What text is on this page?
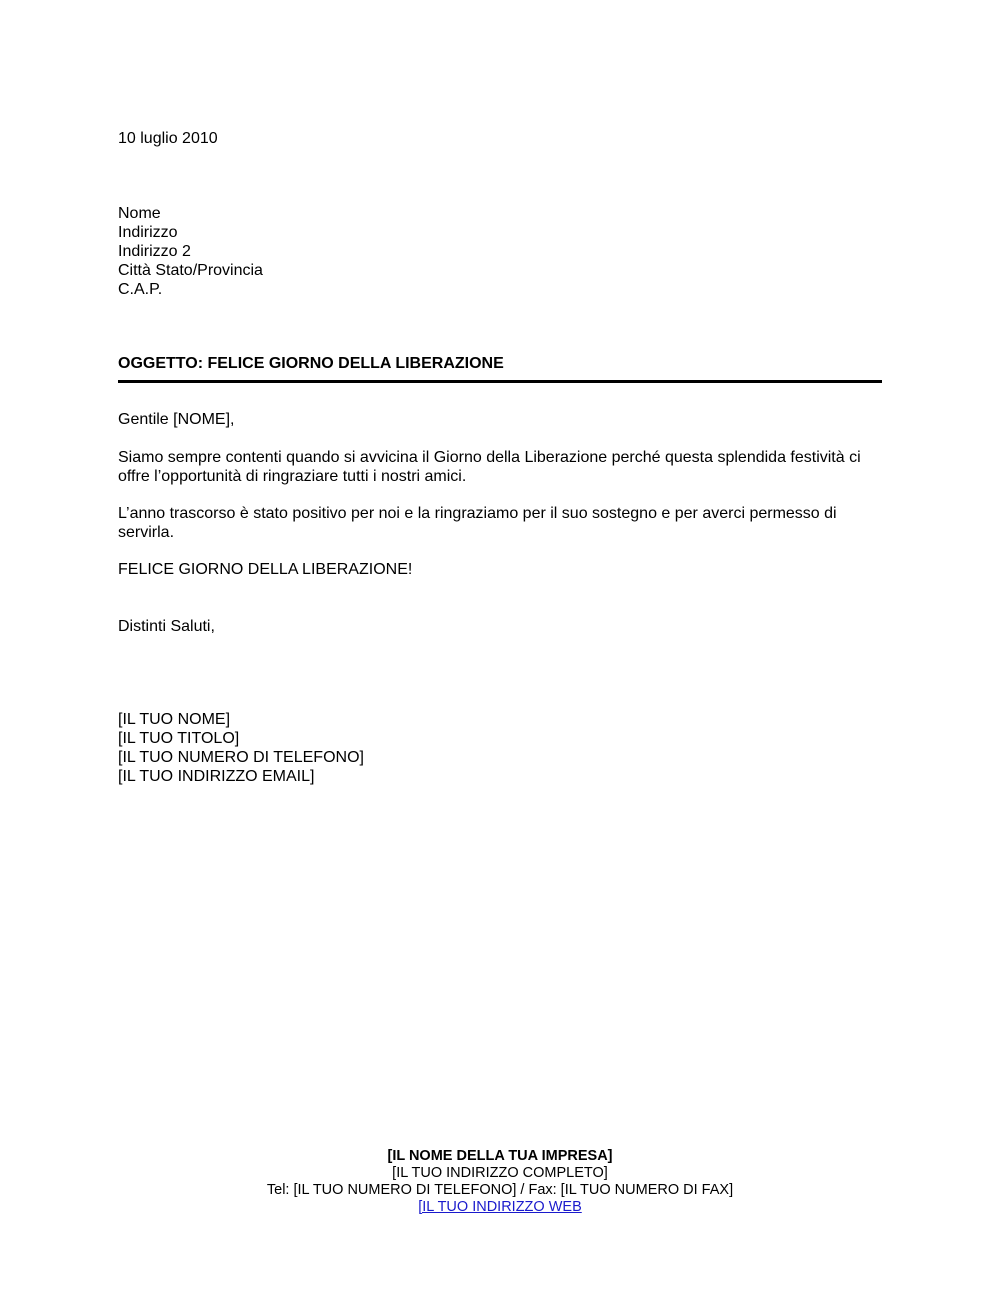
10 luglio 2010
Nome
Indirizzo
Indirizzo 2
Città Stato/Provincia
C.A.P.
OGGETTO: FELICE GIORNO DELLA LIBERAZIONE
Gentile [NOME],
Siamo sempre contenti quando si avvicina il Giorno della Liberazione perché questa splendida festività ci offre l’opportunità di ringraziare tutti i nostri amici.
L’anno trascorso è stato positivo per noi e la ringraziamo per il suo sostegno e per averci permesso di servirla.
FELICE GIORNO DELLA LIBERAZIONE!
Distinti Saluti,
[IL TUO NOME]
[IL TUO TITOLO]
[IL TUO NUMERO DI TELEFONO]
[IL TUO INDIRIZZO EMAIL]
[IL NOME DELLA TUA IMPRESA]
[IL TUO INDIRIZZO COMPLETO]
Tel: [IL TUO NUMERO DI TELEFONO] / Fax: [IL TUO NUMERO DI FAX]
[IL TUO INDIRIZZO WEB
